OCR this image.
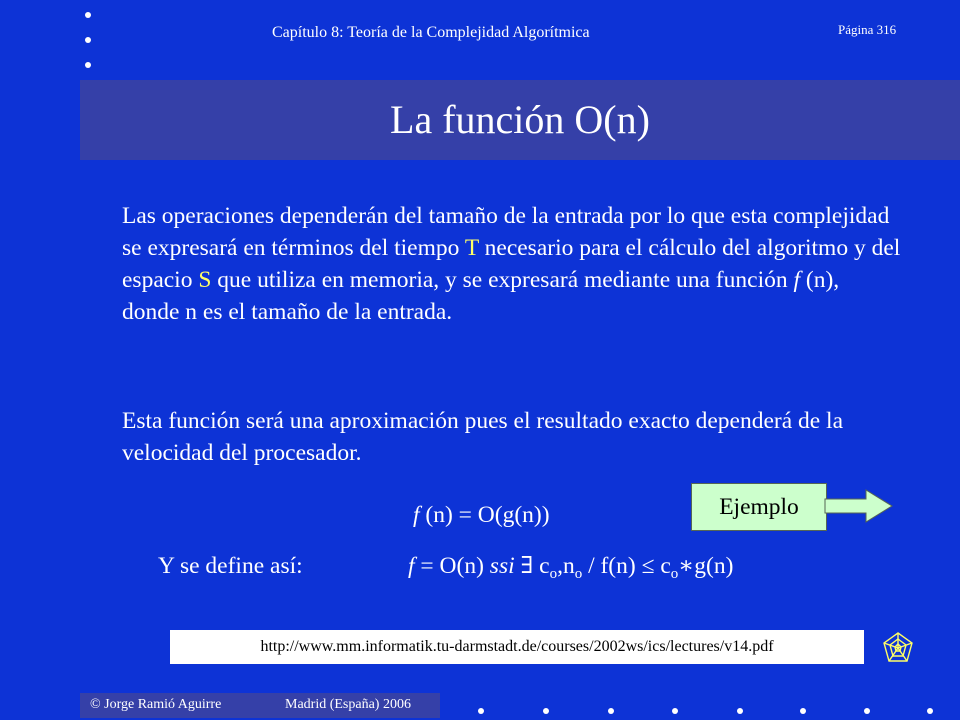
Capítulo 8: Teoría de la Complejidad Algorítmica	Página 316
La función O(n)
Las operaciones dependerán del tamaño de la entrada por lo que esta complejidad se expresará en términos del tiempo T necesario para el cálculo del algoritmo y del espacio S que utiliza en memoria, y se expresará mediante una función f (n), donde n es el tamaño de la entrada.
Esta función será una aproximación pues el resultado exacto dependerá de la velocidad del procesador.
f (n) = O(g(n))
Y se define así:	f = O(n) ssi ∃ $c_o,n_o / f(n)$ ≤ $c_o∗g(n)$
Ejemplo
http://www.mm.informatik.tu-darmstadt.de/courses/2002ws/ics/lectures/v14.pdf
© Jorge Ramió Aguirre	Madrid (España) 2006
